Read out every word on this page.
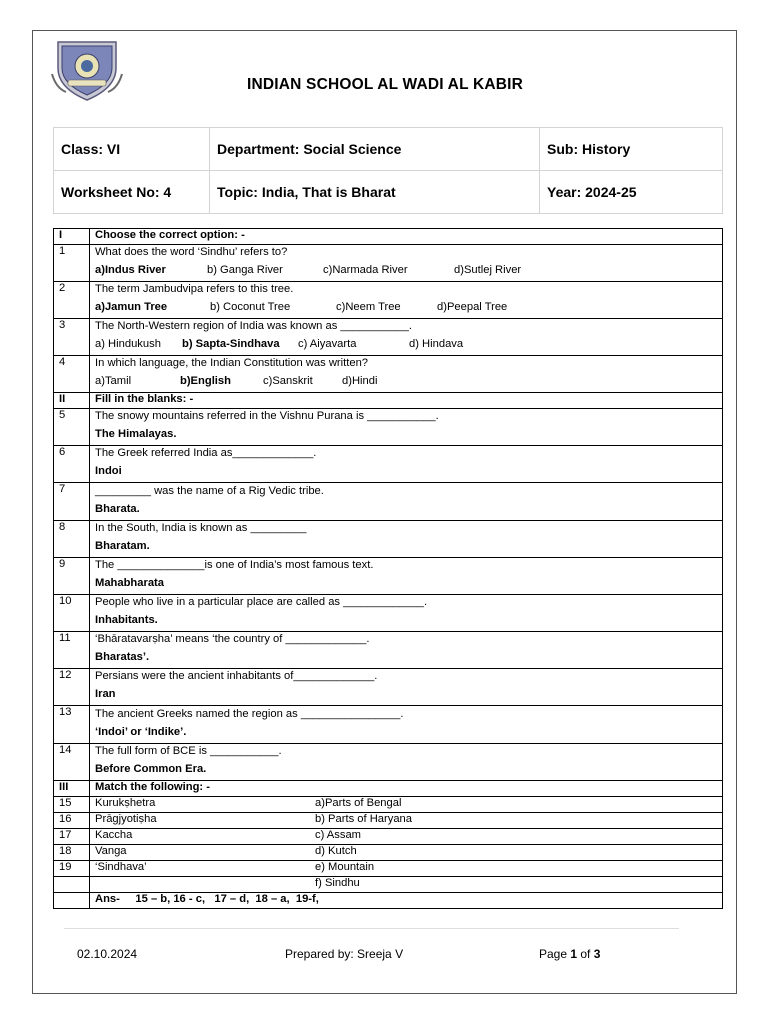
INDIAN SCHOOL AL WADI AL KABIR
Class: VI	Department: Social Science	Sub: History
Worksheet No: 4	Topic: India, That is Bharat	Year: 2024-25
I	Choose the correct option: -
1	What does the word ‘Sindhu’ refers to?
a)Indus River b) Ganga River c)Narmada River d)Sutlej River

2	The term Jambudvipa refers to this tree.
a)Jamun Tree b) Coconut Tree c)Neem Tree d)Peepal Tree

3	The North-Western region of India was known as ___________.
a) Hindukush b) Sapta-Sindhava c) Aiyavarta d) Hindava

4	In which language, the Indian Constitution was written?
a)Tamil b)English c)Sanskrit d)Hindi

II	Fill in the blanks: -
5	The snowy mountains referred in the Vishnu Purana is ___________.
The Himalayas.

6	The Greek referred India as_____________.
Indoi

7	_________ was the name of a Rig Vedic tribe.
Bharata.

8	In the South, India is known as _________
Bharatam.

9	The ______________is one of India’s most famous text.
Mahabharata

10	People who live in a particular place are called as _____________.
Inhabitants.

11	‘Bhāratavarṣha’ means ‘the country of _____________.
Bharatas’.

12	Persians were the ancient inhabitants of_____________.
Iran

13	The ancient Greeks named the region as ________________.
‘Indoi’ or ‘Indike’.

14	The full form of BCE is ___________.
Before Common Era.

III	Match the following: -
15	Kurukṣhetra a)Parts of Bengal

16	Prāgjyotiṣha b) Parts of Haryana

17	Kaccha c) Assam

18	Vanga d) Kutch

19	‘Sindhava’ e) Mountain

	f) Sindhu

	Ans-     15 – b, 16 - c,   17 – d,  18 – a,  19-f,
02.10.2024	Prepared by: Sreeja V	Page 1 of 3
